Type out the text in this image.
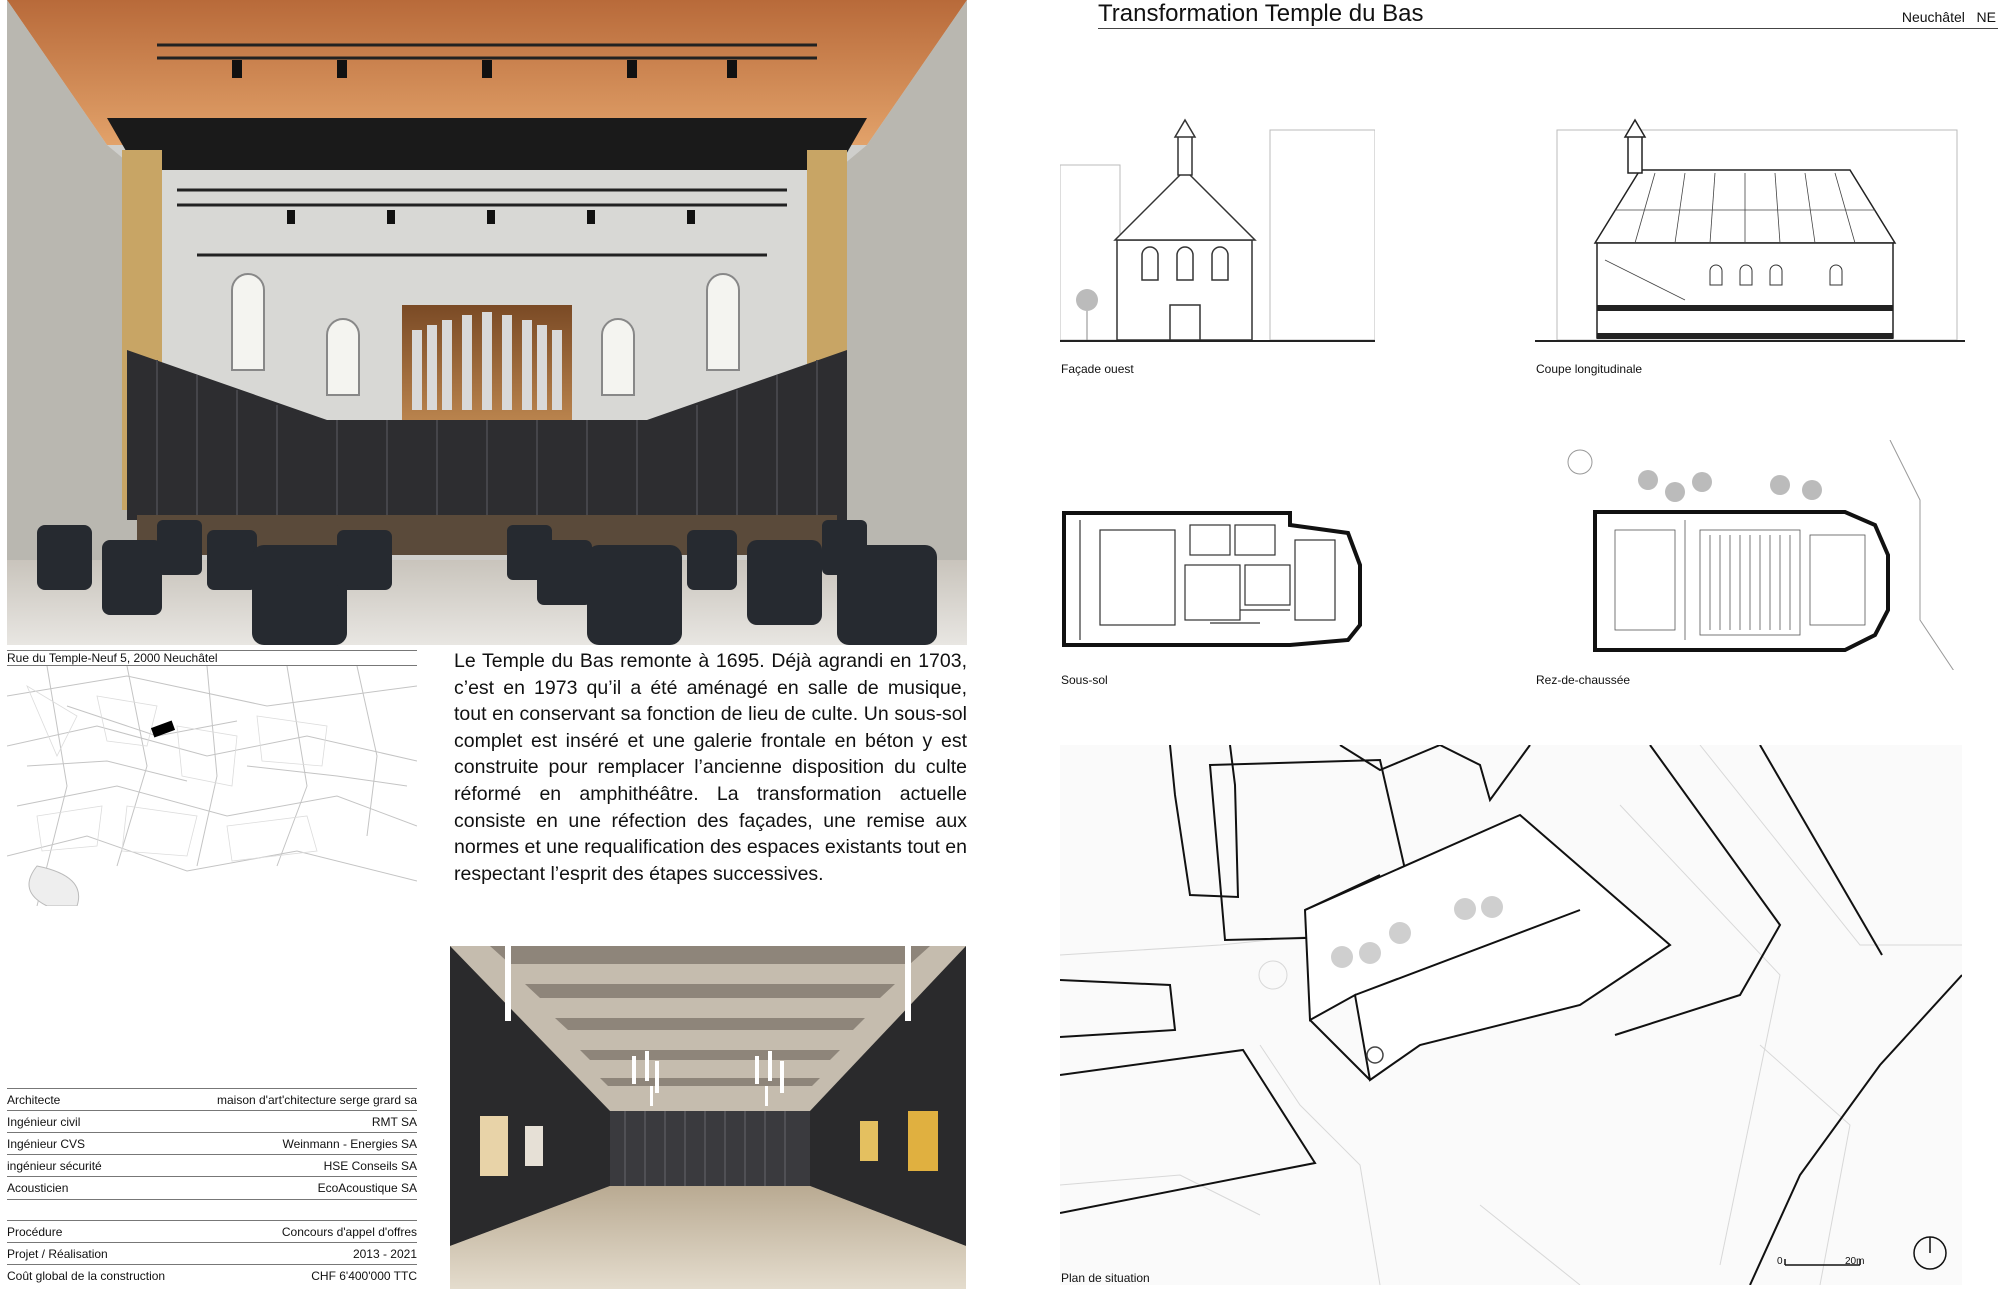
Transformation Temple du Bas	Neuchâtel NE
Rue du Temple-Neuf 5, 2000 Neuchâtel	Le Temple du Bas remonte à 1695. Déjà agrandi en 1703, c’est en 1973 qu’il a été aménagé en salle de musique, tout en conservant sa fonction de lieu de culte. Un sous-sol complet est inséré et une galerie frontale en béton y est construite pour remplacer l’ancienne disposition du culte réformé en amphithéâtre. La transformation actuelle consiste en une réfection des façades, une remise aux normes et une requalification des espaces existants tout en respectant l’esprit des étapes successives.
Architecte	maison d'art'chitecture serge grard sa
Ingénieur civil	RMT SA
Ingénieur CVS	Weinmann - Energies SA
ingénieur sécurité	HSE Conseils SA
Acousticien	EcoAcoustique SA
Procédure	Concours d'appel d'offres
Projet / Réalisation	2013 - 2021
Coût global de la construction	CHF 6'400'000 TTC
Façade ouest	Coupe longitudinale
Sous-sol	Rez-de-chaussée
0	20m
Plan de situation
